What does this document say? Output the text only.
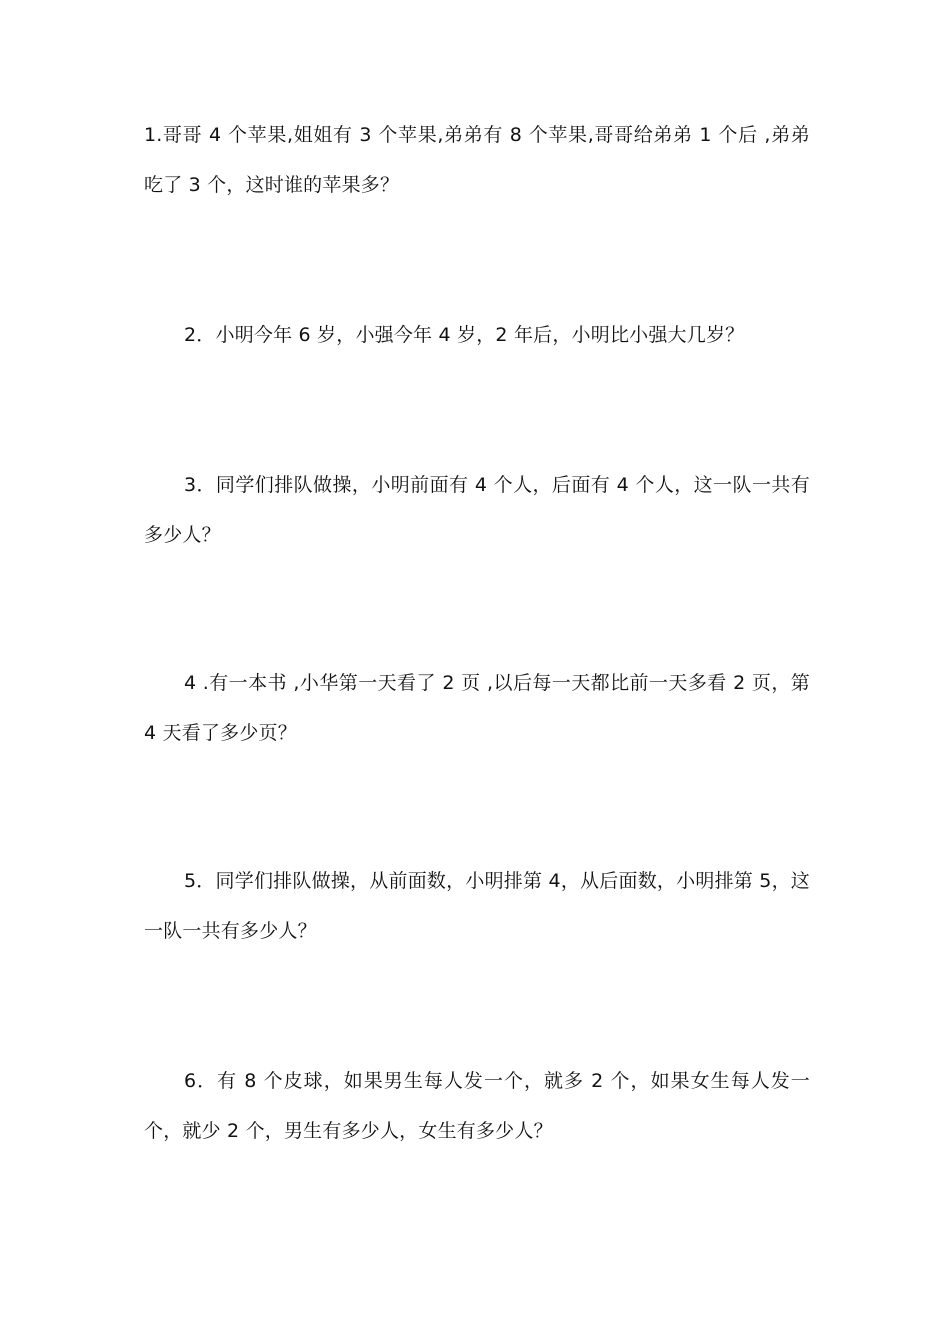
1.哥哥 4 个苹果,姐姐有 3 个苹果,弟弟有 8 个苹果,哥哥给弟弟 1 个后 ,弟弟吃了 3 个，这时谁的苹果多？

2．小明今年 6 岁，小强今年 4 岁，2 年后，小明比小强大几岁？

3．同学们排队做操，小明前面有 4 个人，后面有 4 个人，这一队一共有多少人？

4 .有一本书 ,小华第一天看了 2 页 ,以后每一天都比前一天多看 2 页，第 4 天看了多少页？

5．同学们排队做操，从前面数，小明排第 4，从后面数，小明排第 5，这一队一共有多少人？

6．有 8 个皮球，如果男生每人发一个，就多 2 个，如果女生每人发一个，就少 2 个，男生有多少人，女生有多少人？
